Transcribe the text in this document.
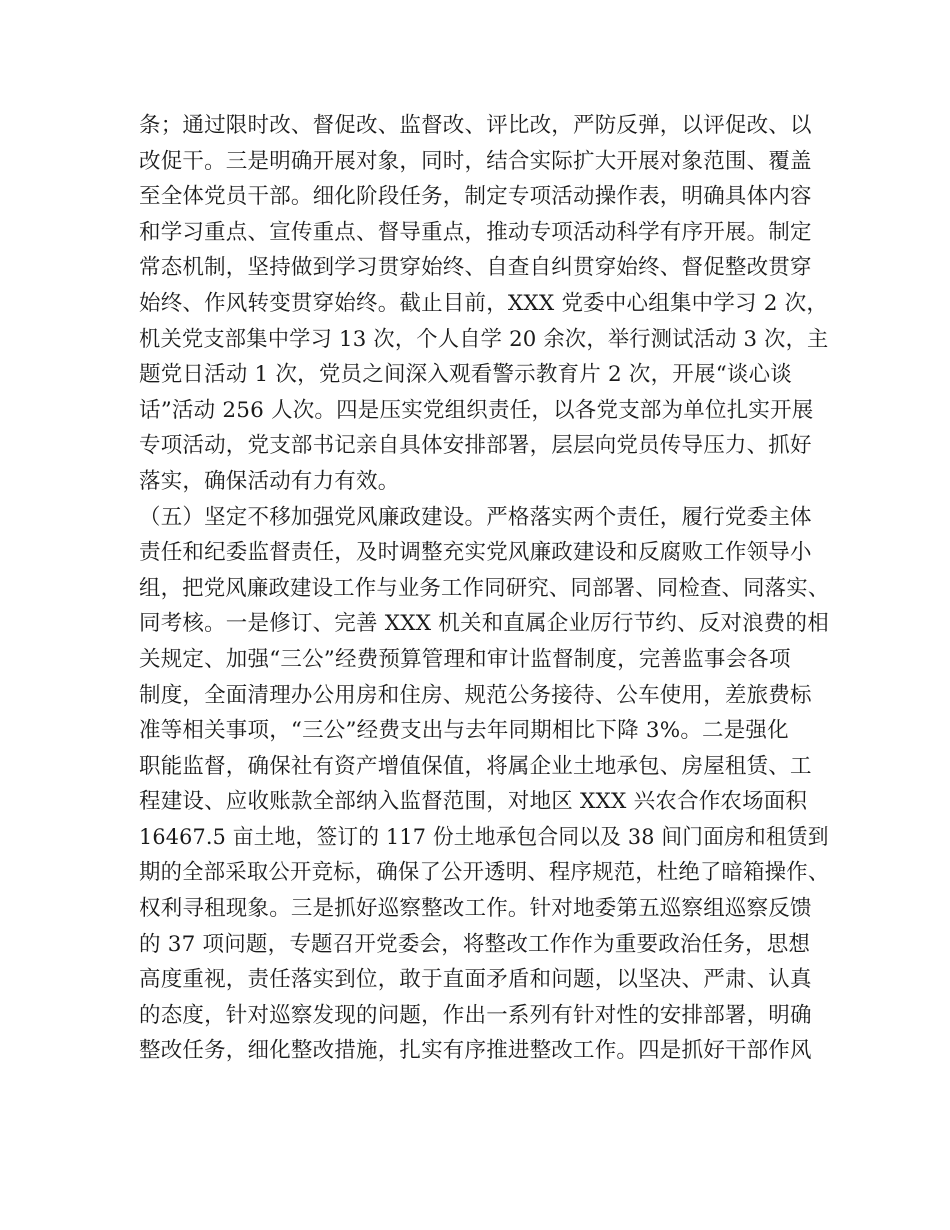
条；通过限时改、督促改、监督改、评比改，严防反弹，以评促改、以
改促干。三是明确开展对象，同时，结合实际扩大开展对象范围、覆盖
至全体党员干部。细化阶段任务，制定专项活动操作表，明确具体内容
和学习重点、宣传重点、督导重点，推动专项活动科学有序开展。制定
常态机制，坚持做到学习贯穿始终、自查自纠贯穿始终、督促整改贯穿
始终、作风转变贯穿始终。截止目前，XXX 党委中心组集中学习 2 次，
机关党支部集中学习 13 次，个人自学 20 余次，举行测试活动 3 次，主
题党日活动 1 次，党员之间深入观看警示教育片 2 次，开展“谈心谈
话”活动 256 人次。四是压实党组织责任，以各党支部为单位扎实开展
专项活动，党支部书记亲自具体安排部署，层层向党员传导压力、抓好
落实，确保活动有力有效。
（五）坚定不移加强党风廉政建设。严格落实两个责任，履行党委主体
责任和纪委监督责任，及时调整充实党风廉政建设和反腐败工作领导小
组，把党风廉政建设工作与业务工作同研究、同部署、同检查、同落实、
同考核。一是修订、完善 XXX 机关和直属企业厉行节约、反对浪费的相
关规定、加强“三公”经费预算管理和审计监督制度，完善监事会各项
制度，全面清理办公用房和住房、规范公务接待、公车使用，差旅费标
准等相关事项，“三公”经费支出与去年同期相比下降 3%。二是强化
职能监督，确保社有资产增值保值，将属企业土地承包、房屋租赁、工
程建设、应收账款全部纳入监督范围，对地区 XXX 兴农合作农场面积
16467.5 亩土地，签订的 117 份土地承包合同以及 38 间门面房和租赁到
期的全部采取公开竞标，确保了公开透明、程序规范，杜绝了暗箱操作、
权利寻租现象。三是抓好巡察整改工作。针对地委第五巡察组巡察反馈
的 37 项问题，专题召开党委会，将整改工作作为重要政治任务，思想
高度重视，责任落实到位，敢于直面矛盾和问题，以坚决、严肃、认真
的态度，针对巡察发现的问题，作出一系列有针对性的安排部署，明确
整改任务，细化整改措施，扎实有序推进整改工作。四是抓好干部作风
